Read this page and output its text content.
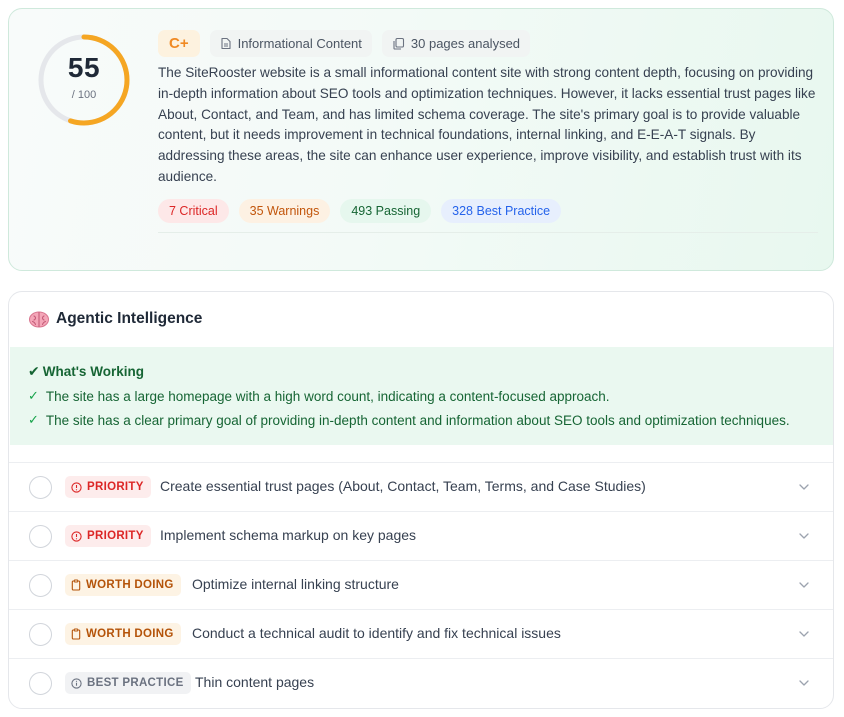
55
/ 100
C+	Informational Content	30 pages analysed

The SiteRooster website is a small informational content site with strong content depth, focusing on providing in-depth information about SEO tools and optimization techniques. However, it lacks essential trust pages like About, Contact, and Team, and has limited schema coverage. The site's primary goal is to provide valuable content, but it needs improvement in technical foundations, internal linking, and E-E-A-T signals. By addressing these areas, the site can enhance user experience, improve visibility, and establish trust with its audience.

7 Critical	35 Warnings	493 Passing	328 Best Practice
Agentic Intelligence
✔ What's Working
✓ The site has a large homepage with a high word count, indicating a content-focused approach.
✓ The site has a clear primary goal of providing in-depth content and information about SEO tools and optimization techniques.
PRIORITY Create essential trust pages (About, Contact, Team, Terms, and Case Studies)
PRIORITY Implement schema markup on key pages
WORTH DOING Optimize internal linking structure
WORTH DOING Conduct a technical audit to identify and fix technical issues
BEST PRACTICE Thin content pages
